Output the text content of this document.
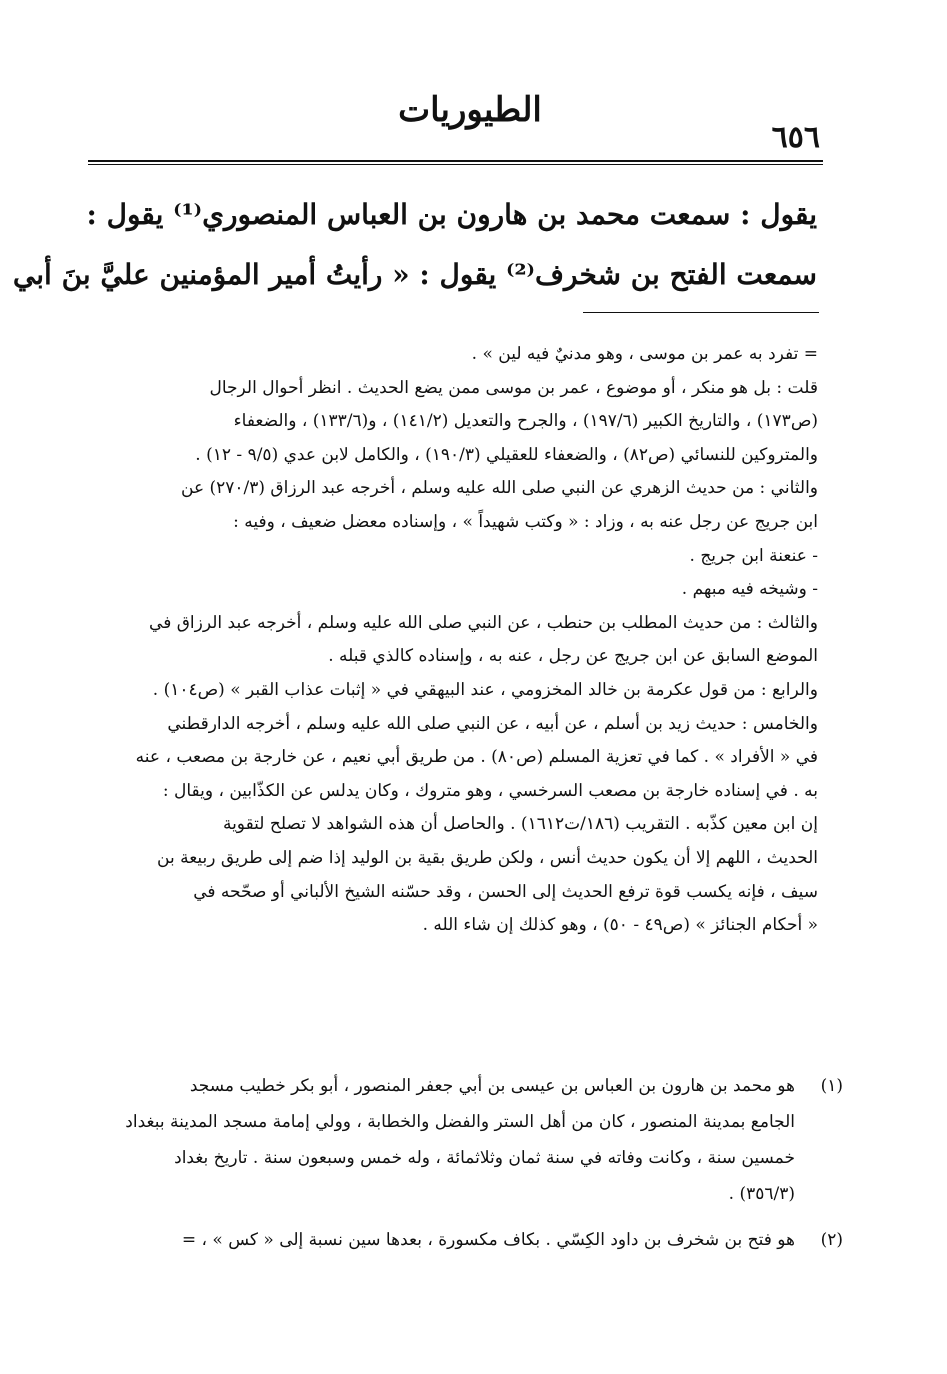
٦٥٦
الطيوريات

يقول : سمعت محمد بن هارون بن العباس المنصوري⁽¹⁾ يقول :

سمعت الفتح بن شخرف⁽²⁾ يقول : « رأيتُ أمير المؤمنين عليَّ بنَ أبي

= تفرد به عمر بن موسى ، وهو مدنيٌ فيه لين » .

قلت : بل هو منكر ، أو موضوع ، عمر بن موسى ممن يضع الحديث . انظر أحوال الرجال

(ص١٧٣) ، والتاريخ الكبير (١٩٧/٦) ، والجرح والتعديل (١٤١/٢) ، و(١٣٣/٦) ، والضعفاء

والمتروكين للنسائي (ص٨٢) ، والضعفاء للعقيلي (١٩٠/٣) ، والكامل لابن عدي (٩/٥ - ١٢) .

والثاني : من حديث الزهري عن النبي صلى الله عليه وسلم ، أخرجه عبد الرزاق (٢٧٠/٣) عن

ابن جريج عن رجل عنه به ، وزاد : « وكتب شهيداً » ، وإسناده معضل ضعيف ، وفيه :

- عنعنة ابن جريج .

- وشيخه فيه مبهم .

والثالث : من حديث المطلب بن حنطب ، عن النبي صلى الله عليه وسلم ، أخرجه عبد الرزاق في

الموضع السابق عن ابن جريج عن رجل ، عنه به ، وإسناده كالذي قبله .

والرابع : من قول عكرمة بن خالد المخزومي ، عند البيهقي في « إثبات عذاب القبر » (ص١٠٤) .

والخامس : حديث زيد بن أسلم ، عن أبيه ، عن النبي صلى الله عليه وسلم ، أخرجه الدارقطني

في « الأفراد » . كما في تعزية المسلم (ص٨٠) . من طريق أبي نعيم ، عن خارجة بن مصعب ، عنه

به . في إسناده خارجة بن مصعب السرخسي ، وهو متروك ، وكان يدلس عن الكذّابين ، ويقال :

إن ابن معين كذّبه . التقريب (١٨٦/ت١٦١٢) . والحاصل أن هذه الشواهد لا تصلح لتقوية

الحديث ، اللهم إلا أن يكون حديث أنس ، ولكن طريق بقية بن الوليد إذا ضم إلى طريق ربيعة بن

سيف ، فإنه يكسب قوة ترفع الحديث إلى الحسن ، وقد حسّنه الشيخ الألباني أو صحّحه في

« أحكام الجنائز » (ص٤٩ - ٥٠) ، وهو كذلك إن شاء الله .

(١)

هو محمد بن هارون بن العباس بن عيسى بن أبي جعفر المنصور ، أبو بكر خطيب مسجد

الجامع بمدينة المنصور ، كان من أهل الستر والفضل والخطابة ، وولي إمامة مسجد المدينة ببغداد

خمسين سنة ، وكانت وفاته في سنة ثمان وثلاثمائة ، وله خمس وسبعون سنة . تاريخ بغداد

(٣٥٦/٣) .

(٢)

هو فتح بن شخرف بن داود الكِسّي . بكاف مكسورة ، بعدها سين نسبة إلى « كس » ، =
